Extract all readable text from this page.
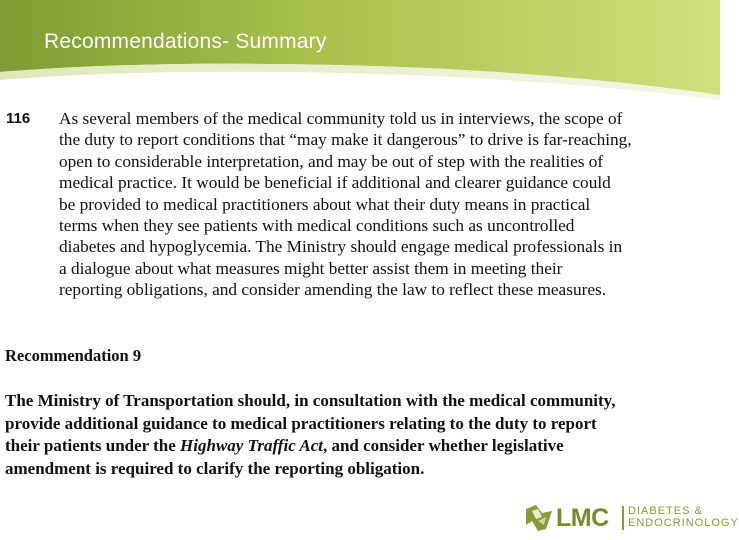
Recommendations- Summary
116 As several members of the medical community told us in interviews, the scope of
the duty to report conditions that “may make it dangerous” to drive is far-reaching,
open to considerable interpretation, and may be out of step with the realities of
medical practice. It would be beneficial if additional and clearer guidance could
be provided to medical practitioners about what their duty means in practical
terms when they see patients with medical conditions such as uncontrolled
diabetes and hypoglycemia. The Ministry should engage medical professionals in
a dialogue about what measures might better assist them in meeting their
reporting obligations, and consider amending the law to reflect these measures.
Recommendation 9
The Ministry of Transportation should, in consultation with the medical community,
provide additional guidance to medical practitioners relating to the duty to report
their patients under the Highway Traffic Act, and consider whether legislative
amendment is required to clarify the reporting obligation.
LMC DIABETES &
ENDOCRINOLOGY
